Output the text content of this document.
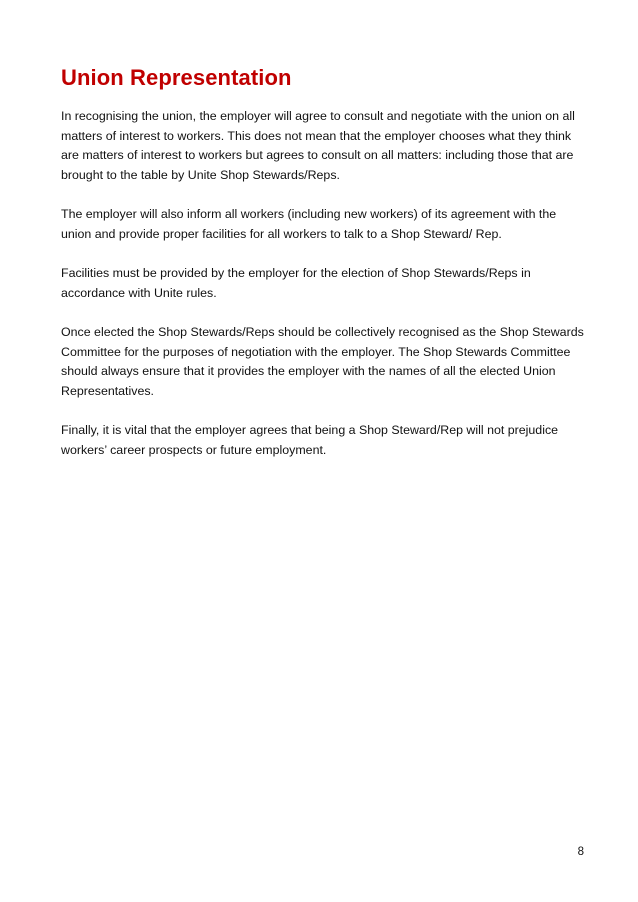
Union Representation

In recognising the union, the employer will agree to consult and negotiate with the union on all matters of interest to workers. This does not mean that the employer chooses what they think are matters of interest to workers but agrees to consult on all matters: including those that are brought to the table by Unite Shop Stewards/Reps.

The employer will also inform all workers (including new workers) of its agreement with the union and provide proper facilities for all workers to talk to a Shop Steward/ Rep.

Facilities must be provided by the employer for the election of Shop Stewards/Reps in accordance with Unite rules.

Once elected the Shop Stewards/Reps should be collectively recognised as the Shop Stewards Committee for the purposes of negotiation with the employer. The Shop Stewards Committee should always ensure that it provides the employer with the names of all the elected Union Representatives.

Finally, it is vital that the employer agrees that being a Shop Steward/Rep will not prejudice workers’ career prospects or future employment.

8
